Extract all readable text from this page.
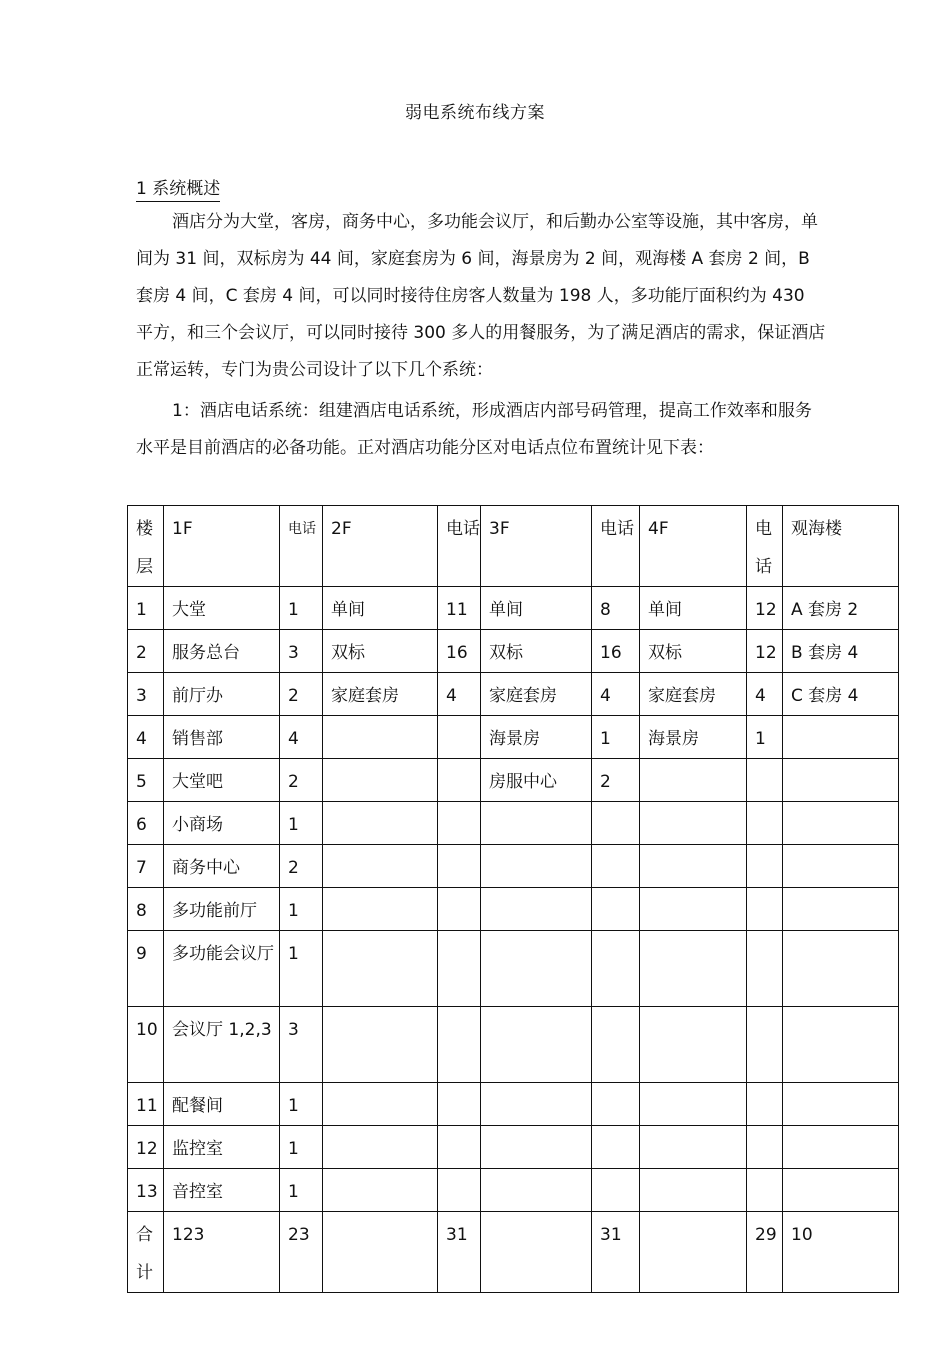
弱电系统布线方案
1 系统概述

酒店分为大堂，客房，商务中心，多功能会议厅，和后勤办公室等设施，其中客房，单间为 31 间，双标房为 44 间，家庭套房为 6 间，海景房为 2 间，观海楼 A 套房 2 间，B 套房 4 间，C 套房 4 间，可以同时接待住房客人数量为 198 人，多功能厅面积约为 430 平方，和三个会议厅，可以同时接待 300 多人的用餐服务，为了满足酒店的需求，保证酒店正常运转，专门为贵公司设计了以下几个系统：

1：酒店电话系统：组建酒店电话系统，形成酒店内部号码管理，提高工作效率和服务水平是目前酒店的必备功能。正对酒店功能分区对电话点位布置统计见下表：

楼层	1F	电话	2F	电话	3F	电话	4F	电话	观海楼
1	大堂	1	单间	11	单间	8	单间	12	A 套房 2
2	服务总台	3	双标	16	双标	16	双标	12	B 套房 4
3	前厅办	2	家庭套房	4	家庭套房	4	家庭套房	4	C 套房 4
4	销售部	4			海景房	1	海景房	1	
5	大堂吧	2			房服中心	2			
6	小商场	1							
7	商务中心	2							
8	多功能前厅	1							
9	多功能会议厅	1							
10	会议厅 1,2,3	3							
11	配餐间	1							
12	监控室	1							
13	音控室	1							
合计	123	23		31		31		29	10
